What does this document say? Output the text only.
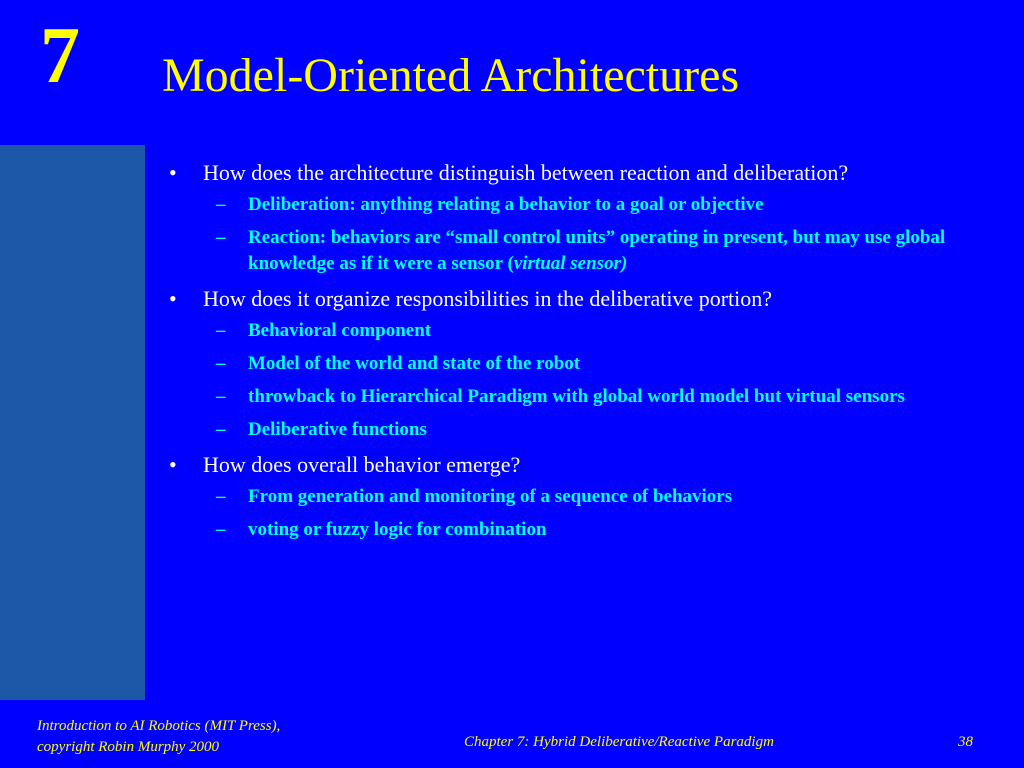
7 Model-Oriented Architectures
• How does the architecture distinguish between reaction and deliberation?
– Deliberation: anything relating a behavior to a goal or objective
– Reaction: behaviors are “small control units” operating in present, but may use global knowledge as if it were a sensor (virtual sensor)
• How does it organize responsibilities in the deliberative portion?
– Behavioral component
– Model of the world and state of the robot
– throwback to Hierarchical Paradigm with global world model but virtual sensors
– Deliberative functions
• How does overall behavior emerge?
– From generation and monitoring of a sequence of behaviors
– voting or fuzzy logic for combination
Introduction to AI Robotics (MIT Press),
copyright Robin Murphy 2000	Chapter 7: Hybrid Deliberative/Reactive Paradigm	38
